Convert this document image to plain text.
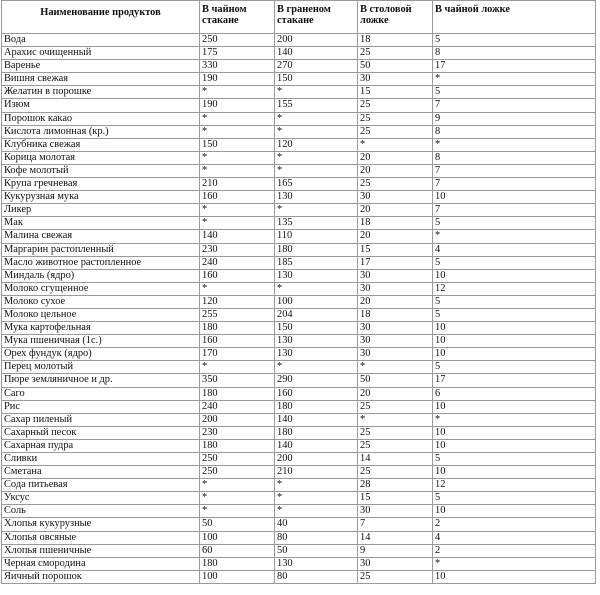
Наименование продуктов	В чайном стакане	В граненом стакане	В столовой ложке	В чайной ложке
Вода	250	200	18	5
Арахис очищенный	175	140	25	8
Варенье	330	270	50	17
Вишня свежая	190	150	30	*
Желатин в порошке	*	*	15	5
Изюм	190	155	25	7
Порошок какао	*	*	25	9
Кислота лимонная (кр.)	*	*	25	8
Клубника свежая	150	120	*	*
Корица молотая	*	*	20	8
Кофе молотый	*	*	20	7
Крупа гречневая	210	165	25	7
Кукурузная мука	160	130	30	10
Ликер	*	*	20	7
Мак	*	135	18	5
Малина свежая	140	110	20	*
Маргарин растопленный	230	180	15	4
Масло животное растопленное	240	185	17	5
Миндаль (ядро)	160	130	30	10
Молоко сгущенное	*	*	30	12
Молоко сухое	120	100	20	5
Молоко цельное	255	204	18	5
Мука картофельная	180	150	30	10
Мука пшеничная (1с.)	160	130	30	10
Орех фундук (ядро)	170	130	30	10
Перец молотый	*	*	*	5
Пюре земляничное и др.	350	290	50	17
Саго	180	160	20	6
Рис	240	180	25	10
Сахар пиленый	200	140	*	*
Сахарный песок	230	180	25	10
Сахарная пудра	180	140	25	10
Сливки	250	200	14	5
Сметана	250	210	25	10
Сода питьевая	*	*	28	12
Уксус	*	*	15	5
Соль	*	*	30	10
Хлопья кукурузные	50	40	7	2
Хлопья овсяные	100	80	14	4
Хлопья пшеничные	60	50	9	2
Черная смородина	180	130	30	*
Яичный порошок	100	80	25	10
